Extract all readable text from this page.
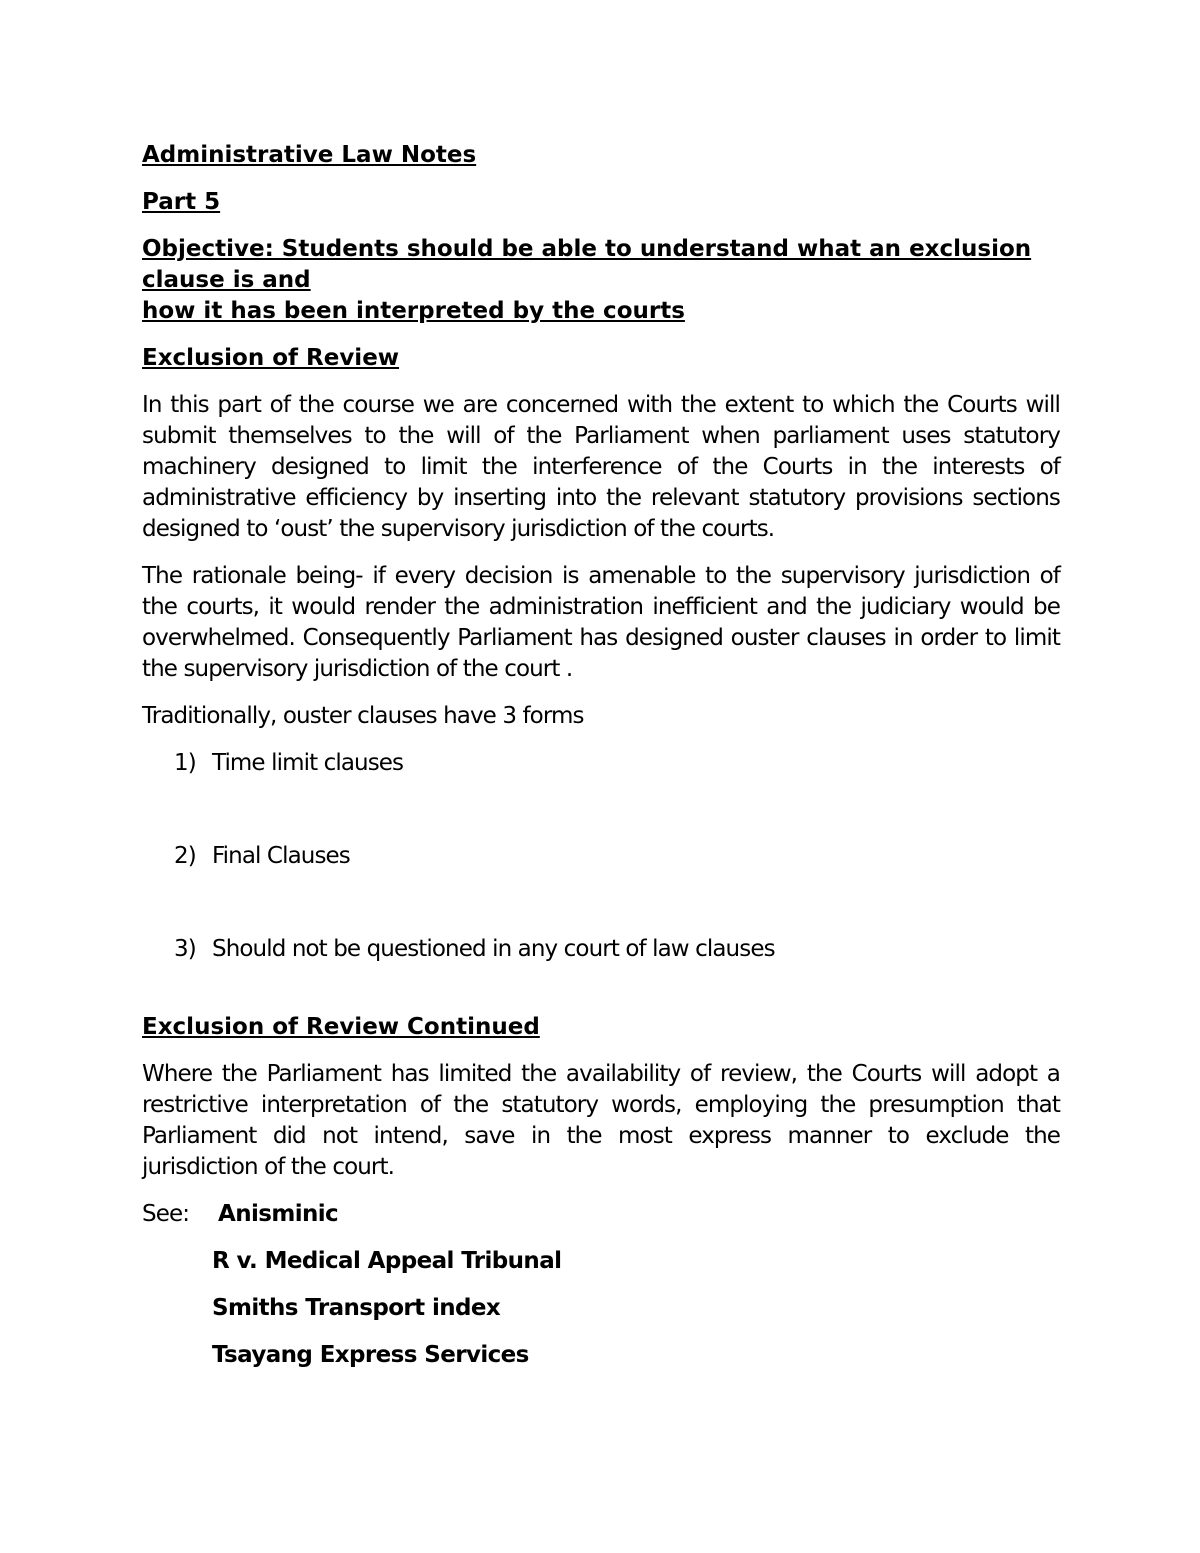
Administrative Law Notes
Part 5
Objective: Students should be able to understand what an exclusion clause is and
how it has been interpreted by the courts
Exclusion of Review

In this part of the course we are concerned with the extent to which the Courts will submit themselves to the will of the Parliament when parliament uses statutory machinery designed to limit the interference of the Courts in the interests of administrative efficiency by inserting into the relevant statutory provisions sections designed to ‘oust’ the supervisory jurisdiction of the courts.

The rationale being- if every decision is amenable to the supervisory jurisdiction of the courts, it would render the administration inefficient and the judiciary would be overwhelmed. Consequently Parliament has designed ouster clauses in order to limit the supervisory jurisdiction of the court .

Traditionally, ouster clauses have 3 forms

1) Time limit clauses
2) Final Clauses
3) Should not be questioned in any court of law clauses
Exclusion of Review Continued

Where the Parliament has limited the availability of review, the Courts will adopt a restrictive interpretation of the statutory words, employing the presumption that Parliament did not intend, save in the most express manner to exclude the jurisdiction of the court.

See:	Anisminic
R v. Medical Appeal Tribunal
Smiths Transport index
Tsayang Express Services
